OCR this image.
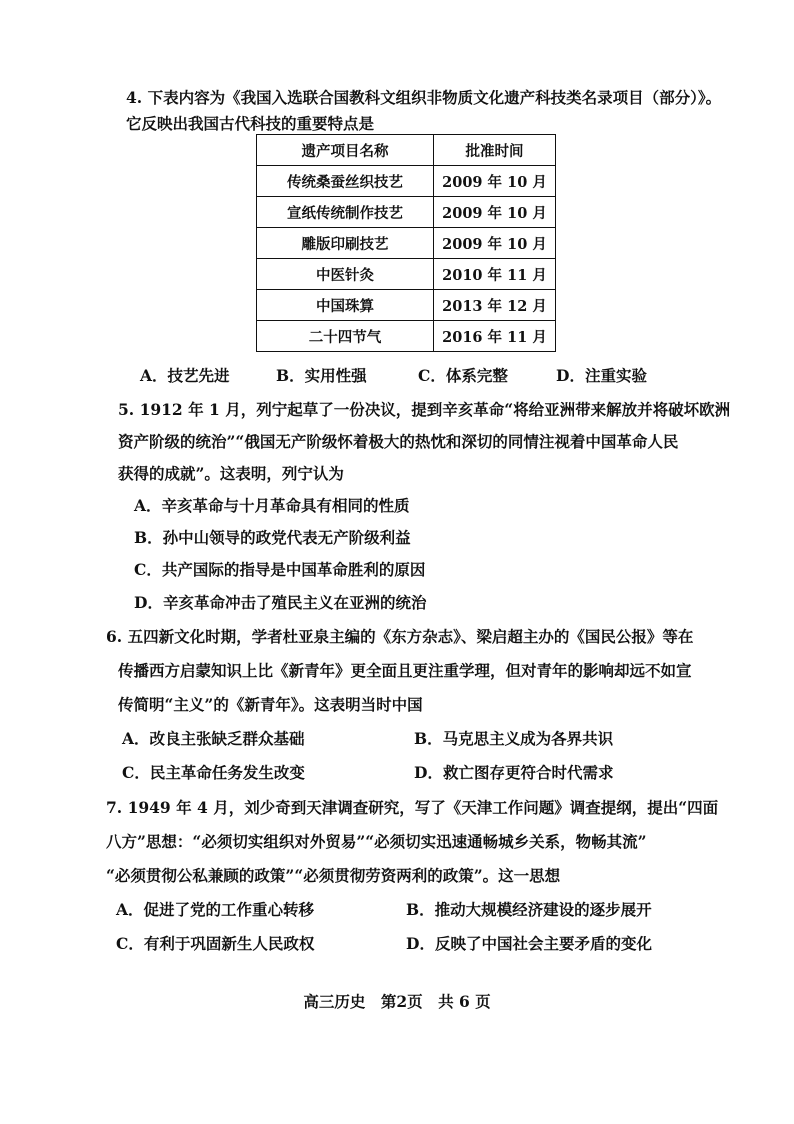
4. 下表内容为《我国入选联合国教科文组织非物质文化遗产科技类名录项目（部分）》。
它反映出我国古代科技的重要特点是
遗产项目名称	批准时间
传统桑蚕丝织技艺	2009 年 10 月
宣纸传统制作技艺	2009 年 10 月
雕版印刷技艺	2009 年 10 月
中医针灸	2010 年 11 月
中国珠算	2013 年 12 月
二十四节气	2016 年 11 月
A．技艺先进	B．实用性强	C．体系完整	D．注重实验
5. 1912 年 1 月，列宁起草了一份决议，提到辛亥革命“将给亚洲带来解放并将破坏欧洲
资产阶级的统治”“俄国无产阶级怀着极大的热忱和深切的同情注视着中国革命人民
获得的成就”。这表明，列宁认为
A．辛亥革命与十月革命具有相同的性质
B．孙中山领导的政党代表无产阶级利益
C．共产国际的指导是中国革命胜利的原因
D．辛亥革命冲击了殖民主义在亚洲的统治
6. 五四新文化时期，学者杜亚泉主编的《东方杂志》、梁启超主办的《国民公报》等在
传播西方启蒙知识上比《新青年》更全面且更注重学理，但对青年的影响却远不如宣
传简明“主义”的《新青年》。这表明当时中国
A．改良主张缺乏群众基础	B．马克思主义成为各界共识
C．民主革命任务发生改变	D．救亡图存更符合时代需求
7. 1949 年 4 月，刘少奇到天津调查研究，写了《天津工作问题》调查提纲，提出“四面
八方”思想：“必须切实组织对外贸易”“必须切实迅速通畅城乡关系，物畅其流”
“必须贯彻公私兼顾的政策”“必须贯彻劳资两利的政策”。这一思想
A．促进了党的工作重心转移	B．推动大规模经济建设的逐步展开
C．有利于巩固新生人民政权	D．反映了中国社会主要矛盾的变化
高三历史　第2页　共 6 页
